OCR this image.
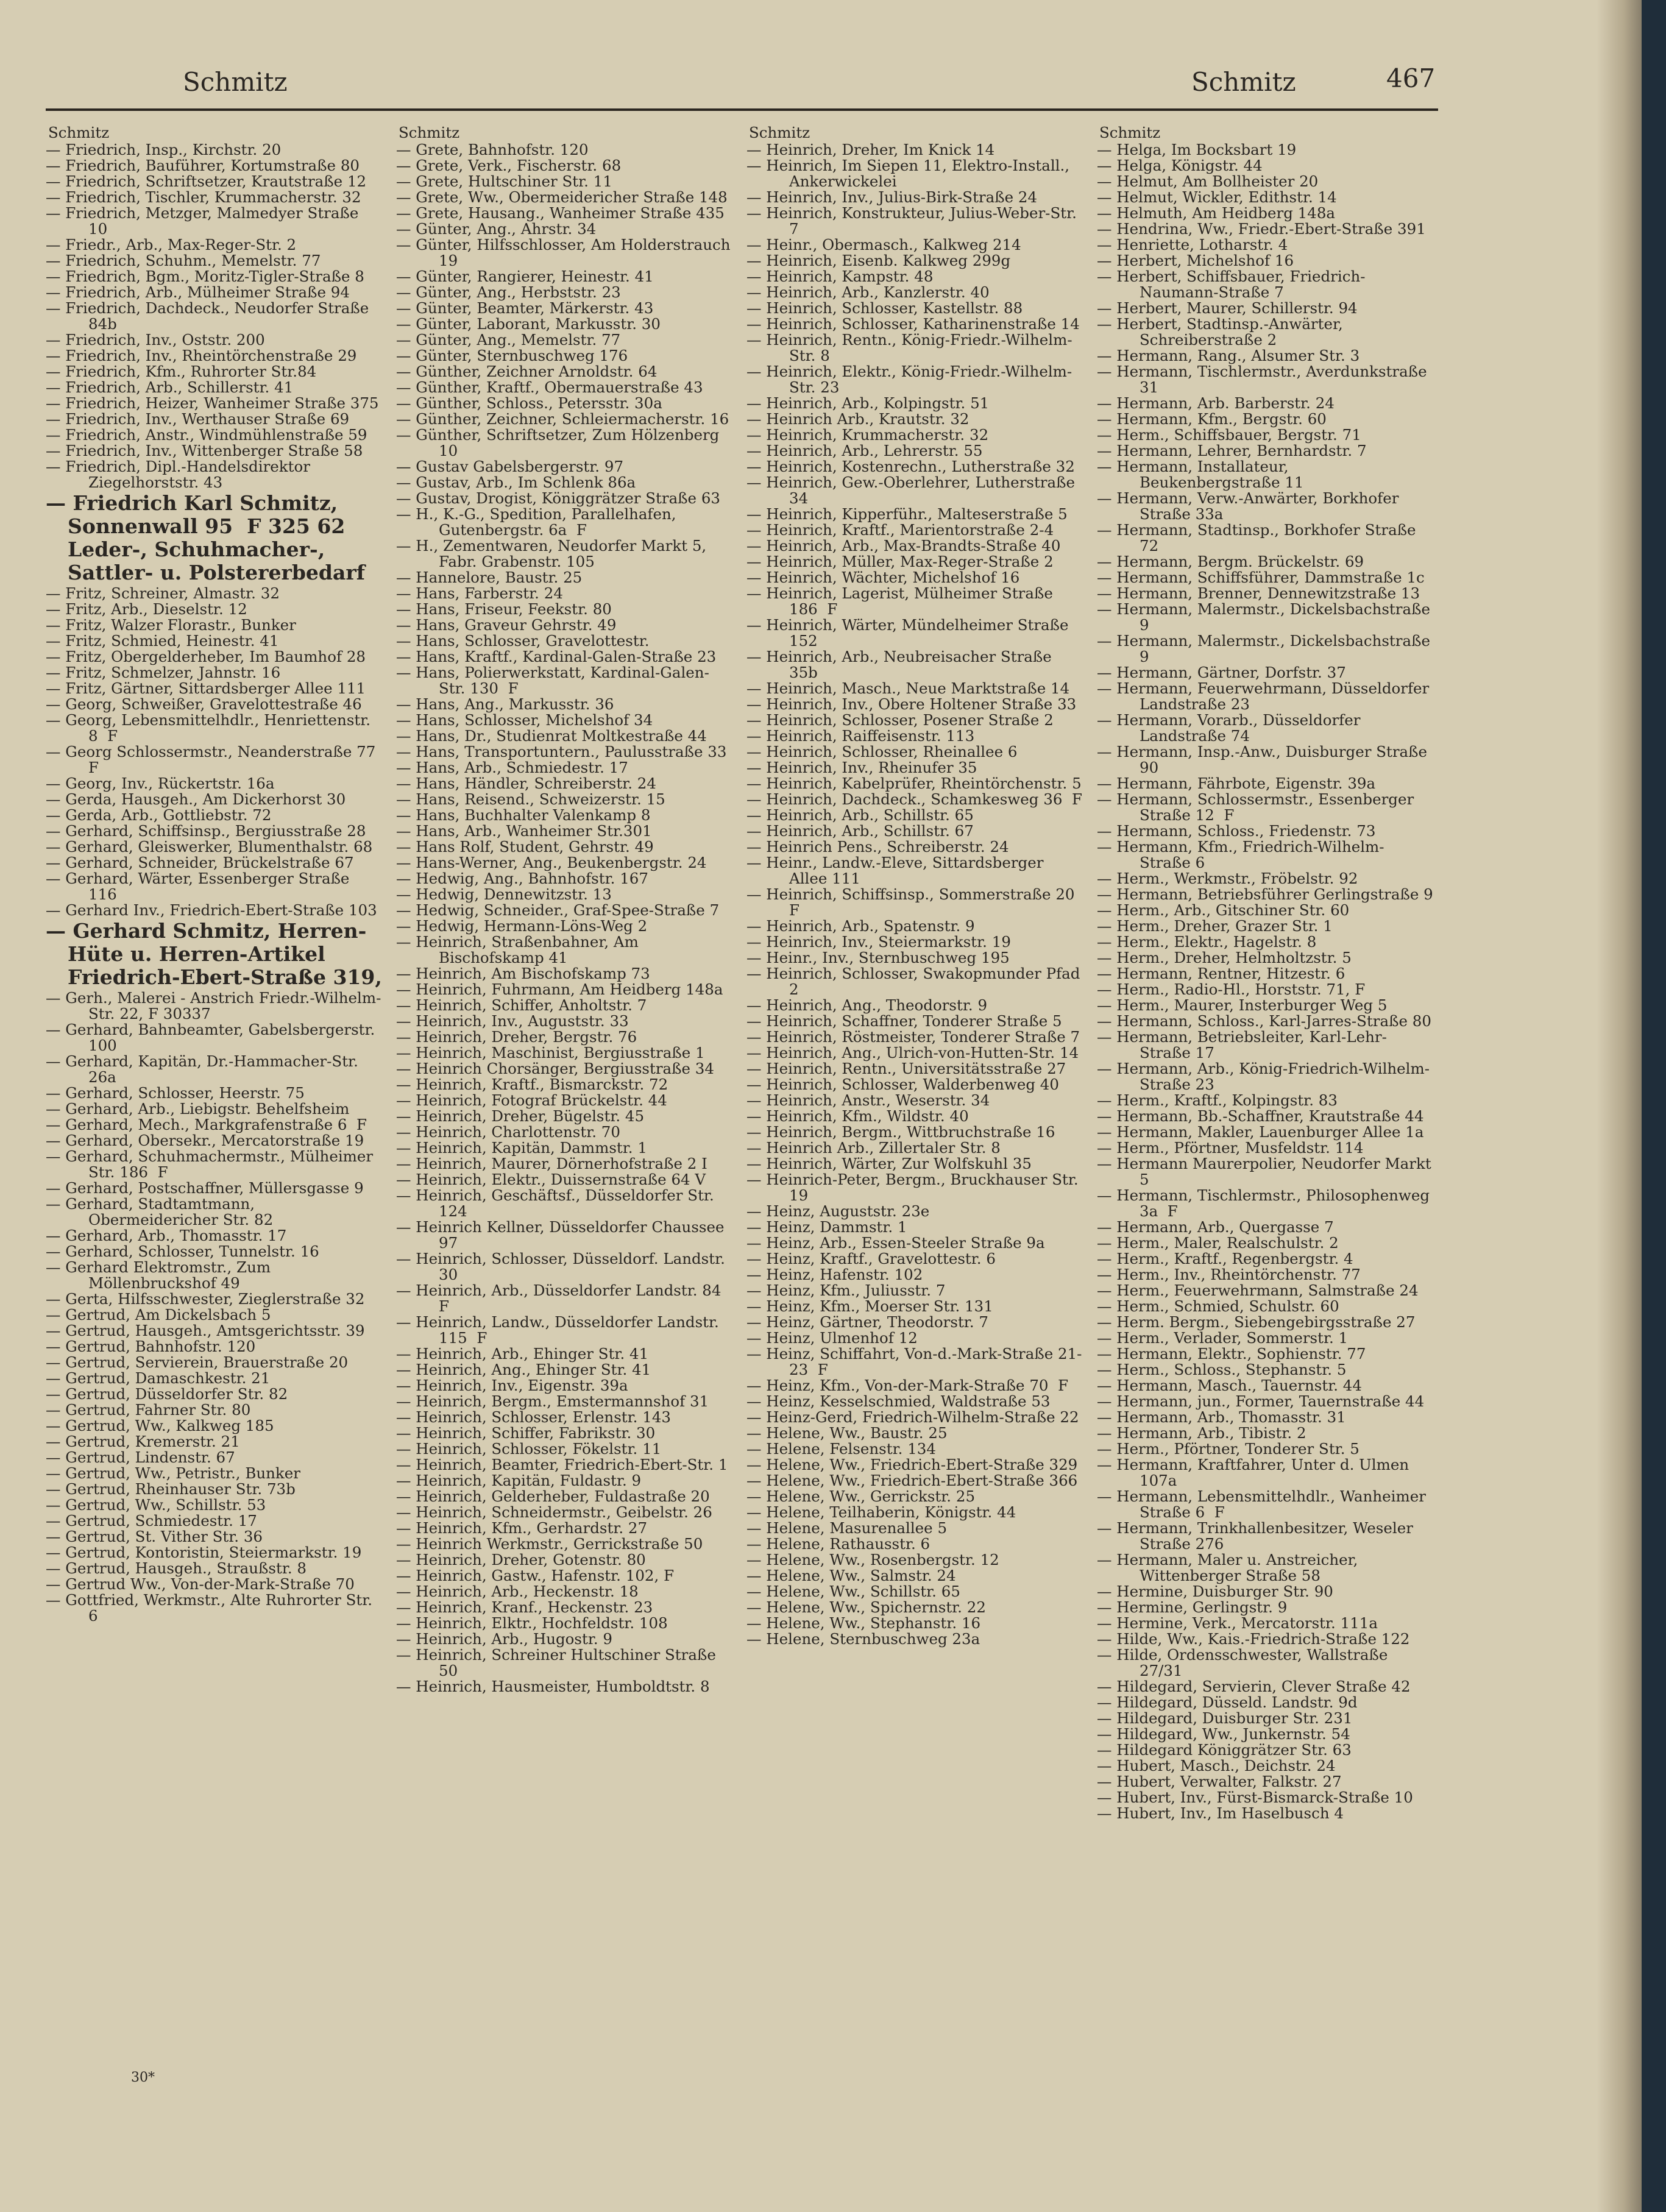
Schmitz	Schmitz	467
Schmitz
— Friedrich, Insp., Kirchstr. 20
— Friedrich, Bauführer, Kortumstraße 80
— Friedrich, Schriftsetzer, Krautstraße 12
— Friedrich, Tischler, Krummacherstr. 32
— Friedrich, Metzger, Malmedyer Straße 10
— Friedr., Arb., Max-Reger-Str. 2
— Friedrich, Schuhm., Memelstr. 77
— Friedrich, Bgm., Moritz-Tigler-Straße 8
— Friedrich, Arb., Mülheimer Straße 94
— Friedrich, Dachdeck., Neudorfer Straße 84b
— Friedrich, Inv., Oststr. 200
— Friedrich, Inv., Rheintörchenstraße 29
— Friedrich, Kfm., Ruhrorter Str.84
— Friedrich, Arb., Schillerstr. 41
— Friedrich, Heizer, Wanheimer Straße 375
— Friedrich, Inv., Werthauser Straße 69
— Friedrich, Anstr., Windmühlenstraße 59
— Friedrich, Inv., Wittenberger Straße 58
— Friedrich, Dipl.-Handelsdirektor Ziegelhorststr. 43
— Friedrich Karl Schmitz, Sonnenwall 95  F 325 62 Leder-, Schuhmacher-, Sattler- u. Polstererbedarf
— Fritz, Schreiner, Almastr. 32
— Fritz, Arb., Dieselstr. 12
— Fritz, Walzer Florastr., Bunker
— Fritz, Schmied, Heinestr. 41
— Fritz, Obergelderheber, Im Baumhof 28
— Fritz, Schmelzer, Jahnstr. 16
— Fritz, Gärtner, Sittardsberger Allee 111
— Georg, Schweißer, Gravelottestraße 46
— Georg, Lebensmittelhdlr., Henriettenstr. 8  F
— Georg Schlossermstr., Neanderstraße 77  F
— Georg, Inv., Rückertstr. 16a
— Gerda, Hausgeh., Am Dickerhorst 30
— Gerda, Arb., Gottliebstr. 72
— Gerhard, Schiffsinsp., Bergiusstraße 28
— Gerhard, Gleiswerker, Blumenthalstr. 68
— Gerhard, Schneider, Brückelstraße 67
— Gerhard, Wärter, Essenberger Straße 116
— Gerhard Inv., Friedrich-Ebert-Straße 103
— Gerhard Schmitz, Herren-Hüte u. Herren-Artikel Friedrich-Ebert-Straße 319,
— Gerh., Malerei - Anstrich Friedr.-Wilhelm-Str. 22, F 30337
— Gerhard, Bahnbeamter, Gabelsbergerstr. 100
— Gerhard, Kapitän, Dr.-Hammacher-Str. 26a
— Gerhard, Schlosser, Heerstr. 75
— Gerhard, Arb., Liebigstr. Behelfsheim
— Gerhard, Mech., Markgrafenstraße 6  F
— Gerhard, Obersekr., Mercatorstraße 19
— Gerhard, Schuhmachermstr., Mülheimer Str. 186  F
— Gerhard, Postschaffner, Müllersgasse 9
— Gerhard, Stadtamtmann, Obermeidericher Str. 82
— Gerhard, Arb., Thomasstr. 17
— Gerhard, Schlosser, Tunnelstr. 16
— Gerhard Elektromstr., Zum Möllenbruckshof 49
— Gerta, Hilfsschwester, Zieglerstraße 32
— Gertrud, Am Dickelsbach 5
— Gertrud, Hausgeh., Amtsgerichtsstr. 39
— Gertrud, Bahnhofstr. 120
— Gertrud, Servierein, Brauerstraße 20
— Gertrud, Damaschkestr. 21
— Gertrud, Düsseldorfer Str. 82
— Gertrud, Fahrner Str. 80
— Gertrud, Ww., Kalkweg 185
— Gertrud, Kremerstr. 21
— Gertrud, Lindenstr. 67
— Gertrud, Ww., Petristr., Bunker
— Gertrud, Rheinhauser Str. 73b
— Gertrud, Ww., Schillstr. 53
— Gertrud, Schmiedestr. 17
— Gertrud, St. Vither Str. 36
— Gertrud, Kontoristin, Steiermarkstr. 19
— Gertrud, Hausgeh., Straußstr. 8
— Gertrud Ww., Von-der-Mark-Straße 70
— Gottfried, Werkmstr., Alte Ruhrorter Str. 6
Schmitz
— Grete, Bahnhofstr. 120
— Grete, Verk., Fischerstr. 68
— Grete, Hultschiner Str. 11
— Grete, Ww., Obermeidericher Straße 148
— Grete, Hausang., Wanheimer Straße 435
— Günter, Ang., Ahrstr. 34
— Günter, Hilfsschlosser, Am Holderstrauch 19
— Günter, Rangierer, Heinestr. 41
— Günter, Ang., Herbststr. 23
— Günter, Beamter, Märkerstr. 43
— Günter, Laborant, Markusstr. 30
— Günter, Ang., Memelstr. 77
— Günter, Sternbuschweg 176
— Günther, Zeichner Arnoldstr. 64
— Günther, Kraftf., Obermauerstraße 43
— Günther, Schloss., Petersstr. 30a
— Günther, Zeichner, Schleiermacherstr. 16
— Günther, Schriftsetzer, Zum Hölzenberg 10
— Gustav Gabelsbergerstr. 97
— Gustav, Arb., Im Schlenk 86a
— Gustav, Drogist, Königgrätzer Straße 63
— H., K.-G., Spedition, Parallelhafen, Gutenbergstr. 6a  F
— H., Zementwaren, Neudorfer Markt 5, Fabr. Grabenstr. 105
— Hannelore, Baustr. 25
— Hans, Farberstr. 24
— Hans, Friseur, Feekstr. 80
— Hans, Graveur Gehrstr. 49
— Hans, Schlosser, Gravelottestr.
— Hans, Kraftf., Kardinal-Galen-Straße 23
— Hans, Polierwerkstatt, Kardinal-Galen-Str. 130  F
— Hans, Ang., Markusstr. 36
— Hans, Schlosser, Michelshof 34
— Hans, Dr., Studienrat Moltkestraße 44
— Hans, Transportuntern., Paulusstraße 33
— Hans, Arb., Schmiedestr. 17
— Hans, Händler, Schreiberstr. 24
— Hans, Reisend., Schweizerstr. 15
— Hans, Buchhalter Valenkamp 8
— Hans, Arb., Wanheimer Str.301
— Hans Rolf, Student, Gehrstr. 49
— Hans-Werner, Ang., Beukenbergstr. 24
— Hedwig, Ang., Bahnhofstr. 167
— Hedwig, Dennewitzstr. 13
— Hedwig, Schneider., Graf-Spee-Straße 7
— Hedwig, Hermann-Löns-Weg 2
— Heinrich, Straßenbahner, Am Bischofskamp 41
— Heinrich, Am Bischofskamp 73
— Heinrich, Fuhrmann, Am Heidberg 148a
— Heinrich, Schiffer, Anholtstr. 7
— Heinrich, Inv., Auguststr. 33
— Heinrich, Dreher, Bergstr. 76
— Heinrich, Maschinist, Bergiusstraße 1
— Heinrich Chorsänger, Bergiusstraße 34
— Heinrich, Kraftf., Bismarckstr. 72
— Heinrich, Fotograf Brückelstr. 44
— Heinrich, Dreher, Bügelstr. 45
— Heinrich, Charlottenstr. 70
— Heinrich, Kapitän, Dammstr. 1
— Heinrich, Maurer, Dörnerhofstraße 2 I
— Heinrich, Elektr., Duissernstraße 64 V
— Heinrich, Geschäftsf., Düsseldorfer Str. 124
— Heinrich Kellner, Düsseldorfer Chaussee 97
— Heinrich, Schlosser, Düsseldorf. Landstr. 30
— Heinrich, Arb., Düsseldorfer Landstr. 84 F
— Heinrich, Landw., Düsseldorfer Landstr. 115  F
— Heinrich, Arb., Ehinger Str. 41
— Heinrich, Ang., Ehinger Str. 41
— Heinrich, Inv., Eigenstr. 39a
— Heinrich, Bergm., Emstermannshof 31
— Heinrich, Schlosser, Erlenstr. 143
— Heinrich, Schiffer, Fabrikstr. 30
— Heinrich, Schlosser, Fökelstr. 11
— Heinrich, Beamter, Friedrich-Ebert-Str. 1
— Heinrich, Kapitän, Fuldastr. 9
— Heinrich, Gelderheber, Fuldastraße 20
— Heinrich, Schneidermstr., Geibelstr. 26
— Heinrich, Kfm., Gerhardstr. 27
— Heinrich Werkmstr., Gerrickstraße 50
— Heinrich, Dreher, Gotenstr. 80
— Heinrich, Gastw., Hafenstr. 102, F
— Heinrich, Arb., Heckenstr. 18
— Heinrich, Kranf., Heckenstr. 23
— Heinrich, Elktr., Hochfeldstr. 108
— Heinrich, Arb., Hugostr. 9
— Heinrich, Schreiner Hultschiner Straße 50
— Heinrich, Hausmeister, Humboldtstr. 8
Schmitz
— Heinrich, Dreher, Im Knick 14
— Heinrich, Im Siepen 11, Elektro-Install., Ankerwickelei
— Heinrich, Inv., Julius-Birk-Straße 24
— Heinrich, Konstrukteur, Julius-Weber-Str. 7
— Heinr., Obermasch., Kalkweg 214
— Heinrich, Eisenb. Kalkweg 299g
— Heinrich, Kampstr. 48
— Heinrich, Arb., Kanzlerstr. 40
— Heinrich, Schlosser, Kastellstr. 88
— Heinrich, Schlosser, Katharinenstraße 14
— Heinrich, Rentn., König-Friedr.-Wilhelm-Str. 8
— Heinrich, Elektr., König-Friedr.-Wilhelm-Str. 23
— Heinrich, Arb., Kolpingstr. 51
— Heinrich Arb., Krautstr. 32
— Heinrich, Krummacherstr. 32
— Heinrich, Arb., Lehrerstr. 55
— Heinrich, Kostenrechn., Lutherstraße 32
— Heinrich, Gew.-Oberlehrer, Lutherstraße 34
— Heinrich, Kipperführ., Malteserstraße 5
— Heinrich, Kraftf., Marientorstraße 2-4
— Heinrich, Arb., Max-Brandts-Straße 40
— Heinrich, Müller, Max-Reger-Straße 2
— Heinrich, Wächter, Michelshof 16
— Heinrich, Lagerist, Mülheimer Straße 186  F
— Heinrich, Wärter, Mündelheimer Straße 152
— Heinrich, Arb., Neubreisacher Straße 35b
— Heinrich, Masch., Neue Marktstraße 14
— Heinrich, Inv., Obere Holtener Straße 33
— Heinrich, Schlosser, Posener Straße 2
— Heinrich, Raiffeisenstr. 113
— Heinrich, Schlosser, Rheinallee 6
— Heinrich, Inv., Rheinufer 35
— Heinrich, Kabelprüfer, Rheintörchenstr. 5
— Heinrich, Dachdeck., Schamkesweg 36  F
— Heinrich, Arb., Schillstr. 65
— Heinrich, Arb., Schillstr. 67
— Heinrich Pens., Schreiberstr. 24
— Heinr., Landw.-Eleve, Sittardsberger Allee 111
— Heinrich, Schiffsinsp., Sommerstraße 20  F
— Heinrich, Arb., Spatenstr. 9
— Heinrich, Inv., Steiermarkstr. 19
— Heinr., Inv., Sternbuschweg 195
— Heinrich, Schlosser, Swakopmunder Pfad 2
— Heinrich, Ang., Theodorstr. 9
— Heinrich, Schaffner, Tonderer Straße 5
— Heinrich, Röstmeister, Tonderer Straße 7
— Heinrich, Ang., Ulrich-von-Hutten-Str. 14
— Heinrich, Rentn., Universitätsstraße 27
— Heinrich, Schlosser, Walderbenweg 40
— Heinrich, Anstr., Weserstr. 34
— Heinrich, Kfm., Wildstr. 40
— Heinrich, Bergm., Wittbruchstraße 16
— Heinrich Arb., Zillertaler Str. 8
— Heinrich, Wärter, Zur Wolfskuhl 35
— Heinrich-Peter, Bergm., Bruckhauser Str. 19
— Heinz, Auguststr. 23e
— Heinz, Dammstr. 1
— Heinz, Arb., Essen-Steeler Straße 9a
— Heinz, Kraftf., Gravelottestr. 6
— Heinz, Hafenstr. 102
— Heinz, Kfm., Juliusstr. 7
— Heinz, Kfm., Moerser Str. 131
— Heinz, Gärtner, Theodorstr. 7
— Heinz, Ulmenhof 12
— Heinz, Schiffahrt, Von-d.-Mark-Straße 21-23  F
— Heinz, Kfm., Von-der-Mark-Straße 70  F
— Heinz, Kesselschmied, Waldstraße 53
— Heinz-Gerd, Friedrich-Wilhelm-Straße 22
— Helene, Ww., Baustr. 25
— Helene, Felsenstr. 134
— Helene, Ww., Friedrich-Ebert-Straße 329
— Helene, Ww., Friedrich-Ebert-Straße 366
— Helene, Ww., Gerrickstr. 25
— Helene, Teilhaberin, Königstr. 44
— Helene, Masurenallee 5
— Helene, Rathausstr. 6
— Helene, Ww., Rosenbergstr. 12
— Helene, Ww., Salmstr. 24
— Helene, Ww., Schillstr. 65
— Helene, Ww., Spichernstr. 22
— Helene, Ww., Stephanstr. 16
— Helene, Sternbuschweg 23a
Schmitz
— Helga, Im Bocksbart 19
— Helga, Königstr. 44
— Helmut, Am Bollheister 20
— Helmut, Wickler, Edithstr. 14
— Helmuth, Am Heidberg 148a
— Hendrina, Ww., Friedr.-Ebert-Straße 391
— Henriette, Lotharstr. 4
— Herbert, Michelshof 16
— Herbert, Schiffsbauer, Friedrich-Naumann-Straße 7
— Herbert, Maurer, Schillerstr. 94
— Herbert, Stadtinsp.-Anwärter, Schreiberstraße 2
— Hermann, Rang., Alsumer Str. 3
— Hermann, Tischlermstr., Averdunkstraße 31
— Hermann, Arb. Barberstr. 24
— Hermann, Kfm., Bergstr. 60
— Herm., Schiffsbauer, Bergstr. 71
— Hermann, Lehrer, Bernhardstr. 7
— Hermann, Installateur, Beukenbergstraße 11
— Hermann, Verw.-Anwärter, Borkhofer Straße 33a
— Hermann, Stadtinsp., Borkhofer Straße 72
— Hermann, Bergm. Brückelstr. 69
— Hermann, Schiffsführer, Dammstraße 1c
— Hermann, Brenner, Dennewitzstraße 13
— Hermann, Malermstr., Dickelsbachstraße 9
— Hermann, Malermstr., Dickelsbachstraße 9
— Hermann, Gärtner, Dorfstr. 37
— Hermann, Feuerwehrmann, Düsseldorfer Landstraße 23
— Hermann, Vorarb., Düsseldorfer Landstraße 74
— Hermann, Insp.-Anw., Duisburger Straße 90
— Hermann, Fährbote, Eigenstr. 39a
— Hermann, Schlossermstr., Essenberger Straße 12  F
— Hermann, Schloss., Friedenstr. 73
— Hermann, Kfm., Friedrich-Wilhelm-Straße 6
— Herm., Werkmstr., Fröbelstr. 92
— Hermann, Betriebsführer Gerlingstraße 9
— Herm., Arb., Gitschiner Str. 60
— Herm., Dreher, Grazer Str. 1
— Herm., Elektr., Hagelstr. 8
— Herm., Dreher, Helmholtzstr. 5
— Hermann, Rentner, Hitzestr. 6
— Herm., Radio-Hl., Horststr. 71, F
— Herm., Maurer, Insterburger Weg 5
— Hermann, Schloss., Karl-Jarres-Straße 80
— Hermann, Betriebsleiter, Karl-Lehr-Straße 17
— Hermann, Arb., König-Friedrich-Wilhelm-Straße 23
— Herm., Kraftf., Kolpingstr. 83
— Hermann, Bb.-Schaffner, Krautstraße 44
— Hermann, Makler, Lauenburger Allee 1a
— Herm., Pförtner, Musfeldstr. 114
— Hermann Maurerpolier, Neudorfer Markt 5
— Hermann, Tischlermstr., Philosophenweg 3a  F
— Hermann, Arb., Quergasse 7
— Herm., Maler, Realschulstr. 2
— Herm., Kraftf., Regenbergstr. 4
— Herm., Inv., Rheintörchenstr. 77
— Herm., Feuerwehrmann, Salmstraße 24
— Herm., Schmied, Schulstr. 60
— Herm. Bergm., Siebengebirgsstraße 27
— Herm., Verlader, Sommerstr. 1
— Hermann, Elektr., Sophienstr. 77
— Herm., Schloss., Stephanstr. 5
— Hermann, Masch., Tauernstr. 44
— Hermann, jun., Former, Tauernstraße 44
— Hermann, Arb., Thomasstr. 31
— Hermann, Arb., Tibistr. 2
— Herm., Pförtner, Tonderer Str. 5
— Hermann, Kraftfahrer, Unter d. Ulmen 107a
— Hermann, Lebensmittelhdlr., Wanheimer Straße 6  F
— Hermann, Trinkhallenbesitzer, Weseler Straße 276
— Hermann, Maler u. Anstreicher, Wittenberger Straße 58
— Hermine, Duisburger Str. 90
— Hermine, Gerlingstr. 9
— Hermine, Verk., Mercatorstr. 111a
— Hilde, Ww., Kais.-Friedrich-Straße 122
— Hilde, Ordensschwester, Wallstraße 27/31
— Hildegard, Servierin, Clever Straße 42
— Hildegard, Düsseld. Landstr. 9d
— Hildegard, Duisburger Str. 231
— Hildegard, Ww., Junkernstr. 54
— Hildegard Königgrätzer Str. 63
— Hubert, Masch., Deichstr. 24
— Hubert, Verwalter, Falkstr. 27
— Hubert, Inv., Fürst-Bismarck-Straße 10
— Hubert, Inv., Im Haselbusch 4
30*
